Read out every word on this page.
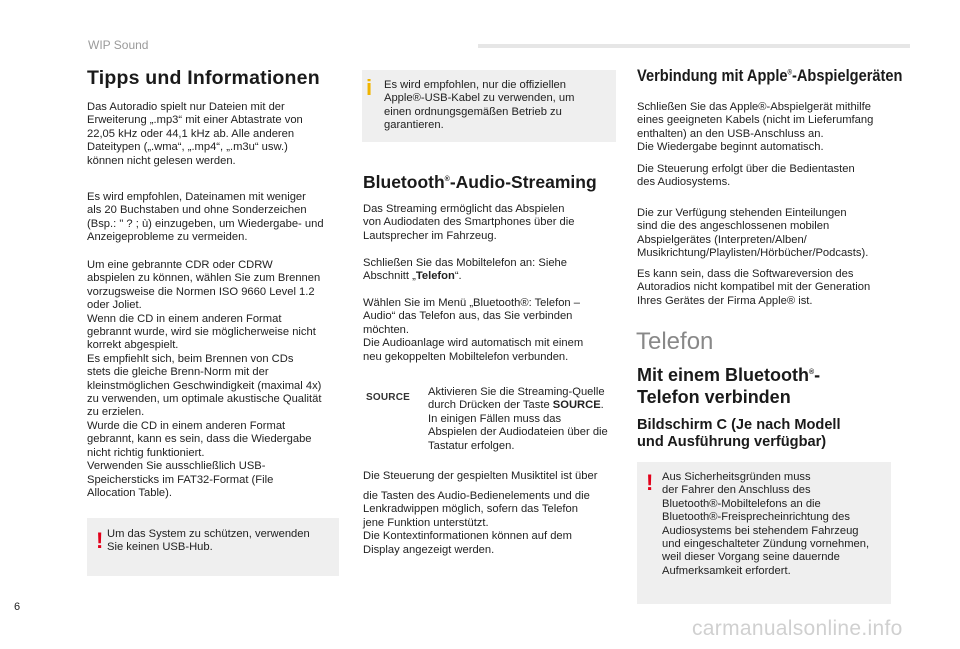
WIP Sound
Tipps und Informationen
Das Autoradio spielt nur Dateien mit der
Erweiterung „.mp3“ mit einer Abtastrate von
22,05 kHz oder 44,1 kHz ab. Alle anderen
Dateitypen („.wma“, „.mp4“, „.m3u“ usw.)
können nicht gelesen werden.
Es wird empfohlen, Dateinamen mit weniger
als 20 Buchstaben und ohne Sonderzeichen
(Bsp.: " ? ; ù) einzugeben, um Wiedergabe- und
Anzeigeprobleme zu vermeiden.
Um eine gebrannte CDR oder CDRW
abspielen zu können, wählen Sie zum Brennen
vorzugsweise die Normen ISO 9660 Level 1.2
oder Joliet.
Wenn die CD in einem anderen Format
gebrannt wurde, wird sie möglicherweise nicht
korrekt abgespielt.
Es empfiehlt sich, beim Brennen von CDs
stets die gleiche Brenn-Norm mit der
kleinstmöglichen Geschwindigkeit (maximal 4x)
zu verwenden, um optimale akustische Qualität
zu erzielen.
Wurde die CD in einem anderen Format
gebrannt, kann es sein, dass die Wiedergabe
nicht richtig funktioniert.
Verwenden Sie ausschließlich USB-
Speichersticks im FAT32-Format (File
Allocation Table).
! Um das System zu schützen, verwenden
Sie keinen USB-Hub.
i Es wird empfohlen, nur die offiziellen
Apple®-USB-Kabel zu verwenden, um
einen ordnungsgemäßen Betrieb zu
garantieren.
Bluetooth®-Audio-Streaming
Das Streaming ermöglicht das Abspielen
von Audiodaten des Smartphones über die
Lautsprecher im Fahrzeug.
Schließen Sie das Mobiltelefon an: Siehe
Abschnitt „Telefon“.
Wählen Sie im Menü „Bluetooth®: Telefon –
Audio“ das Telefon aus, das Sie verbinden
möchten.
Die Audioanlage wird automatisch mit einem
neu gekoppelten Mobiltelefon verbunden.
SOURCE Aktivieren Sie die Streaming-Quelle
durch Drücken der Taste SOURCE.
In einigen Fällen muss das
Abspielen der Audiodateien über die
Tastatur erfolgen.
Die Steuerung der gespielten Musiktitel ist über
die Tasten des Audio-Bedienelements und die
Lenkradwippen möglich, sofern das Telefon
jene Funktion unterstützt.
Die Kontextinformationen können auf dem
Display angezeigt werden.
Verbindung mit Apple®-Abspielgeräten
Schließen Sie das Apple®-Abspielgerät mithilfe
eines geeigneten Kabels (nicht im Lieferumfang
enthalten) an den USB-Anschluss an.
Die Wiedergabe beginnt automatisch.
Die Steuerung erfolgt über die Bedientasten
des Audiosystems.
Die zur Verfügung stehenden Einteilungen
sind die des angeschlossenen mobilen
Abspielgerätes (Interpreten/Alben/
Musikrichtung/Playlisten/Hörbücher/Podcasts).
Es kann sein, dass die Softwareversion des
Autoradios nicht kompatibel mit der Generation
Ihres Gerätes der Firma Apple® ist.
Telefon
Mit einem Bluetooth®-
Telefon verbinden
Bildschirm C (Je nach Modell
und Ausführung verfügbar)
! Aus Sicherheitsgründen muss
der Fahrer den Anschluss des
Bluetooth®-Mobiltelefons an die
Bluetooth®-Freisprecheinrichtung des
Audiosystems bei stehendem Fahrzeug
und eingeschalteter Zündung vornehmen,
weil dieser Vorgang seine dauernde
Aufmerksamkeit erfordert.
6
carmanualsonline.info
